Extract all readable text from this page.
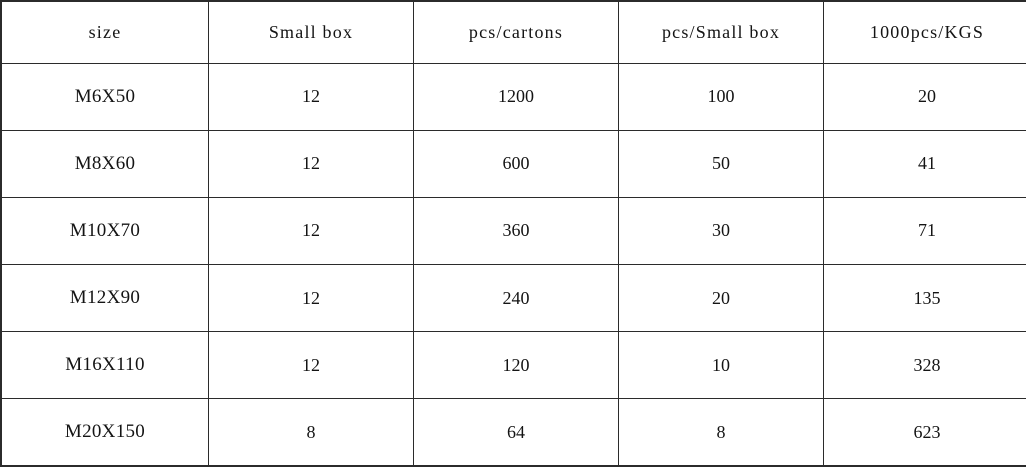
size	Small box	pcs/cartons	pcs/Small box	1000pcs/KGS
M6X50	12	1200	100	20
M8X60	12	600	50	41
M10X70	12	360	30	71
M12X90	12	240	20	135
M16X110	12	120	10	328
M20X150	8	64	8	623
